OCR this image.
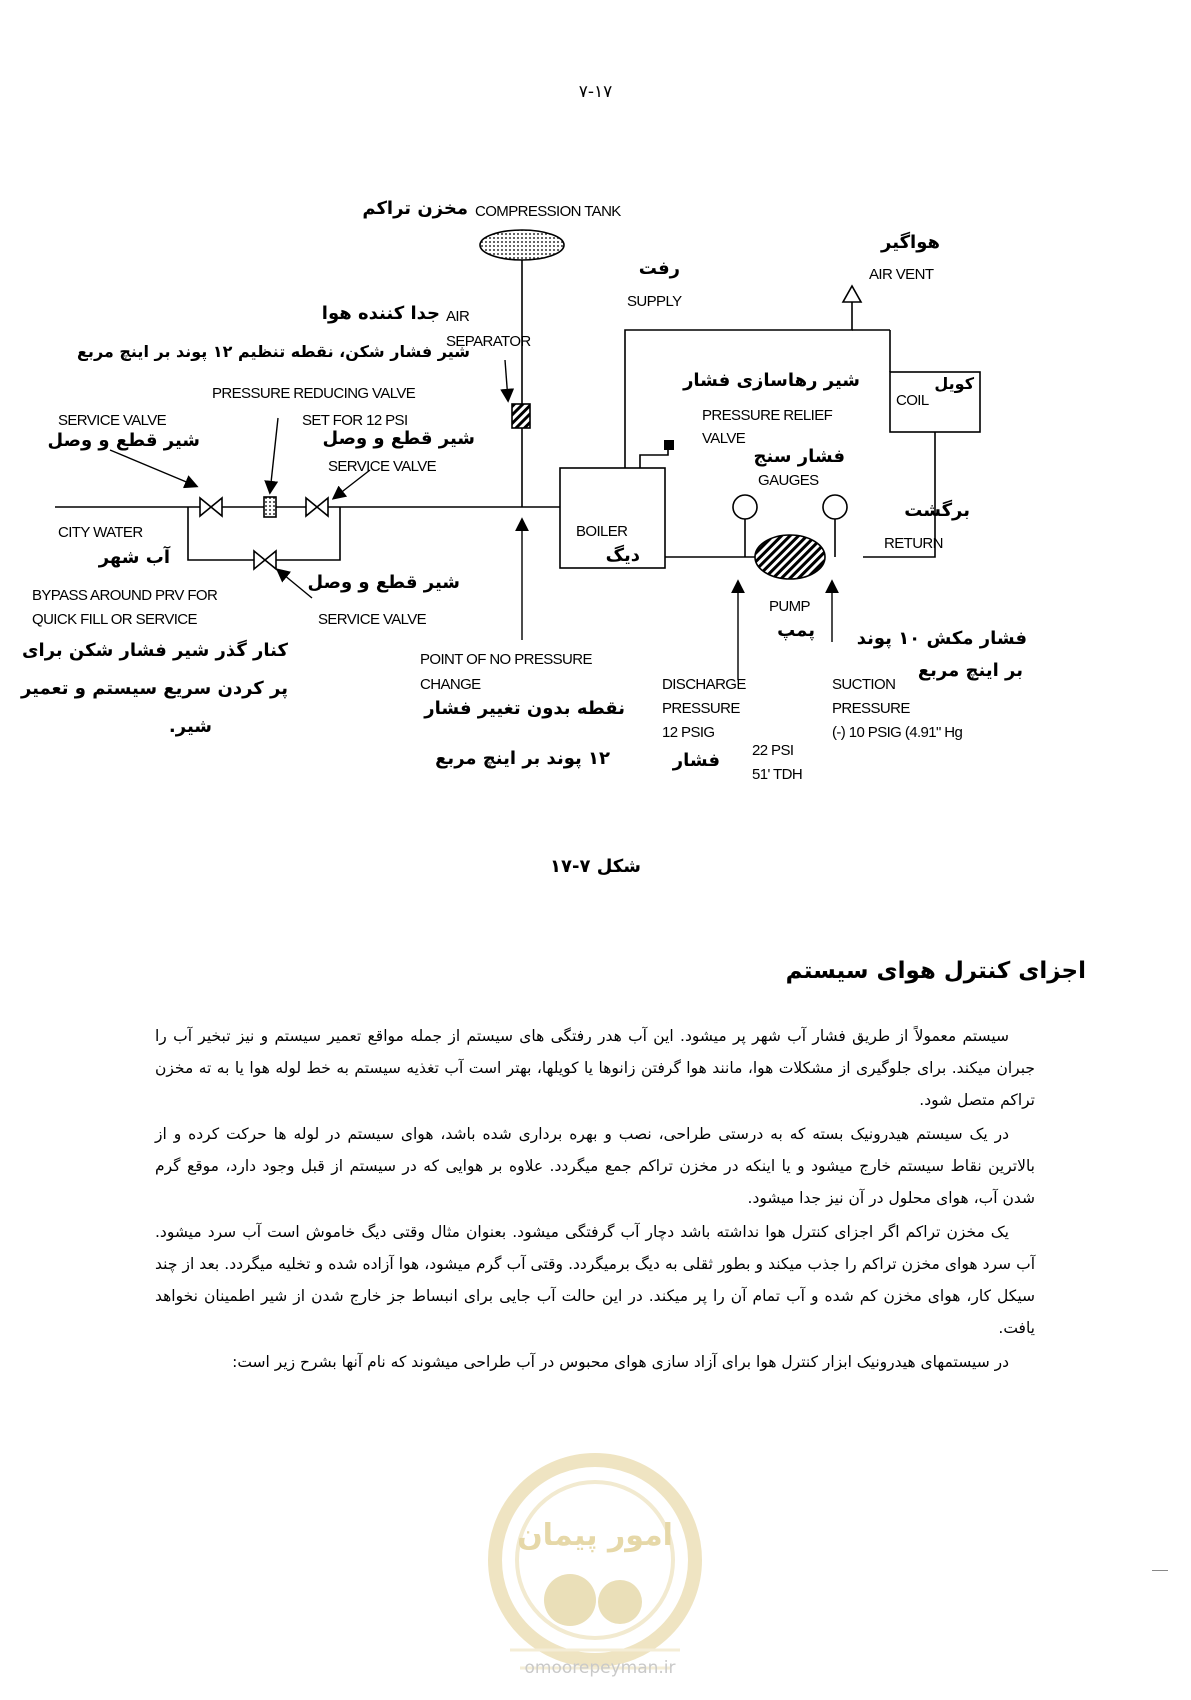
۷-۱۷
COMPRESSION TANK
مخزن تراکم
AIR
SEPARATOR
جدا کننده هوا
شیر فشار شکن، نقطه تنظیم ۱۲ پوند بر اینچ مربع
PRESSURE REDUCING VALVE
SET FOR 12 PSI
SERVICE VALVE
شیر قطع و وصل	شیر قطع و وصل
SERVICE VALVE
CITY WATER
آب شهر
BYPASS AROUND PRV FOR
QUICK FILL OR SERVICE
کنار گذر شیر فشار شکن برای
پر کردن سریع سیستم و تعمیر
شیر.
شیر قطع و وصل
SERVICE VALVE
POINT OF NO PRESSURE
CHANGE
نقطه بدون تغییر فشار
۱۲ پوند بر اینچ مربع
رفت
SUPPLY
هواگیر
AIR VENT
COIL
کویل
شیر رهاسازی فشار
PRESSURE RELIEF
VALVE
فشار سنج
GAUGES
برگشت
RETURN
BOILER
دیگ
PUMP
پمپ
DISCHARGE
PRESSURE
12 PSIG
فشار مکش ۱۰ پوند
بر اینچ مربع
SUCTION
PRESSURE
(-) 10 PSIG (4.91" Hg
فشار 22 PSI
51' TDH
شکل ۷-۱۷
اجزای کنترل هوای سیستم

سیستم معمولاً از طریق فشار آب شهر پر میشود. این آب هدر رفتگی های سیستم از جمله مواقع تعمیر سیستم و نیز تبخیر آب را جبران میکند. برای جلوگیری از مشکلات هوا، مانند هوا گرفتن زانوها یا کویلها، بهتر است آب تغذیه سیستم به خط لوله هوا یا به ته مخزن تراکم متصل شود.

در یک سیستم هیدرونیک بسته که به درستی طراحی، نصب و بهره برداری شده باشد، هوای سیستم در لوله ها حرکت کرده و از بالاترین نقاط سیستم خارج میشود و یا اینکه در مخزن تراکم جمع میگردد. علاوه بر هوایی که در سیستم از قبل وجود دارد، موقع گرم شدن آب، هوای محلول در آن نیز جدا میشود.

یک مخزن تراکم اگر اجزای کنترل هوا نداشته باشد دچار آب گرفتگی میشود. بعنوان مثال وقتی دیگ خاموش است آب سرد میشود. آب سرد هوای مخزن تراکم را جذب میکند و بطور ثقلی به دیگ برمیگردد. وقتی آب گرم میشود، هوا آزاده شده و تخلیه میگردد. بعد از چند سیکل کار، هوای مخزن کم شده و آب تمام آن را پر میکند. در این حالت آب جایی برای انبساط جز خارج شدن از شیر اطمینان نخواهد یافت.

در سیستمهای هیدرونیک ابزار کنترل هوا برای آزاد سازی هوای محبوس در آب طراحی میشوند که نام آنها بشرح زیر است:

امور پیمان
omoorepeyman.ir
